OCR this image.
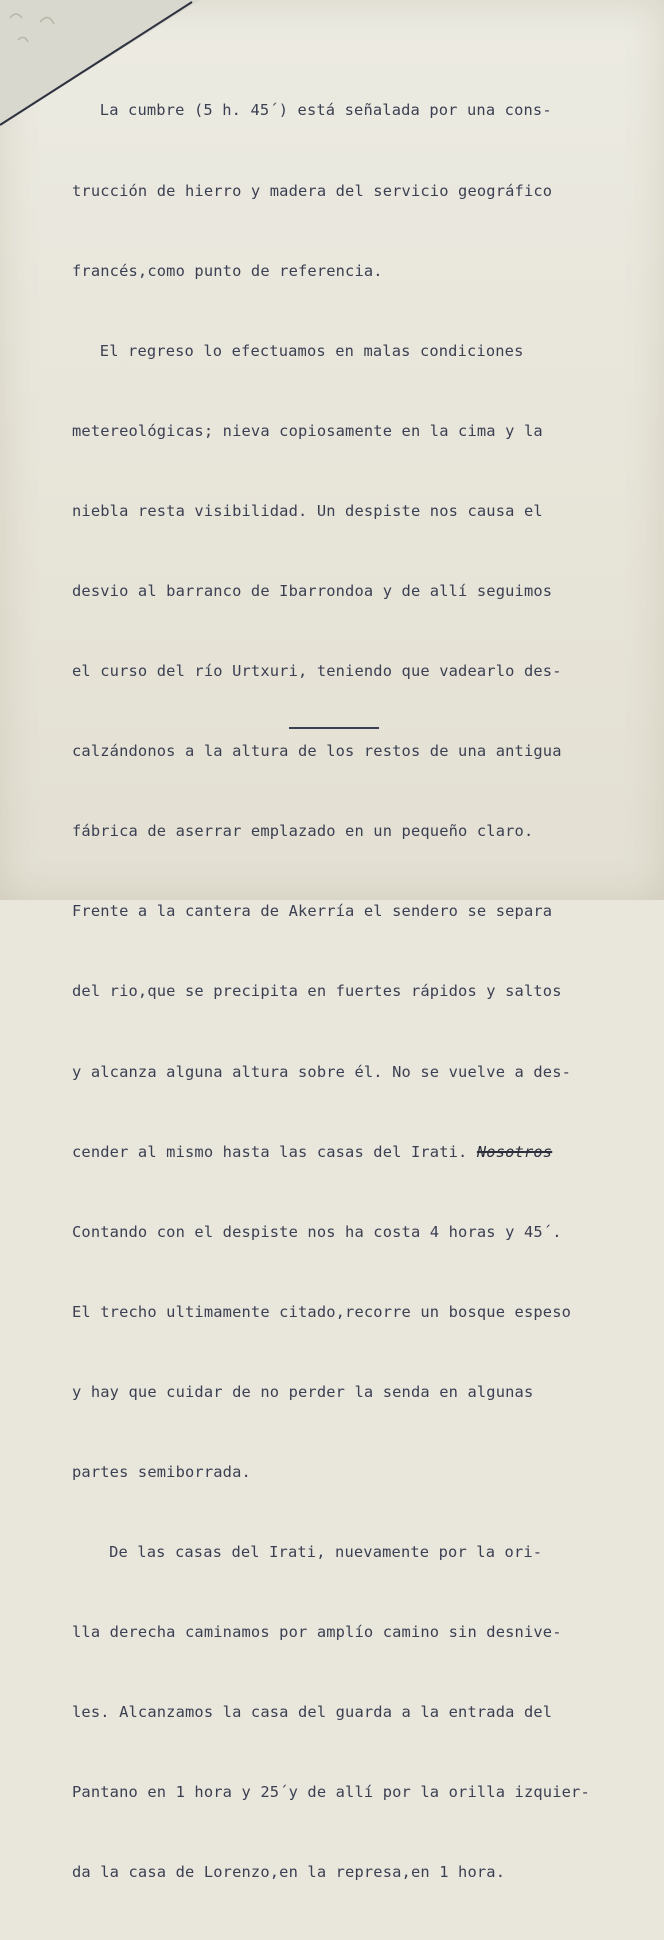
La cumbre (5 h. 45´) está señalada por una cons-

trucción de hierro y madera del servicio geográfico

francés,como punto de referencia.

El regreso lo efectuamos en malas condiciones

metereológicas; nieva copiosamente en la cima y la

niebla resta visibilidad. Un despiste nos causa el

desvio al barranco de Ibarrondoa y de allí seguimos

el curso del río Urtxuri, teniendo que vadearlo des-

calzándonos a la altura de los restos de una antigua

fábrica de aserrar emplazado en un pequeño claro.

Frente a la cantera de Akerría el sendero se separa

del rio,que se precipita en fuertes rápidos y saltos

y alcanza alguna altura sobre él. No se vuelve a des-

cender al mismo hasta las casas del Irati. Nosotros

Contando con el despiste nos ha costa 4 horas y 45´.

El trecho ultimamente citado,recorre un bosque espeso

y hay que cuidar de no perder la senda en algunas

partes semiborrada.

De las casas del Irati, nuevamente por la ori-

lla derecha caminamos por amplío camino sin desnive-

les. Alcanzamos la casa del guarda a la entrada del

Pantano en 1 hora y 25´y de allí por la orilla izquier-

da la casa de Lorenzo,en la represa,en 1 hora.
